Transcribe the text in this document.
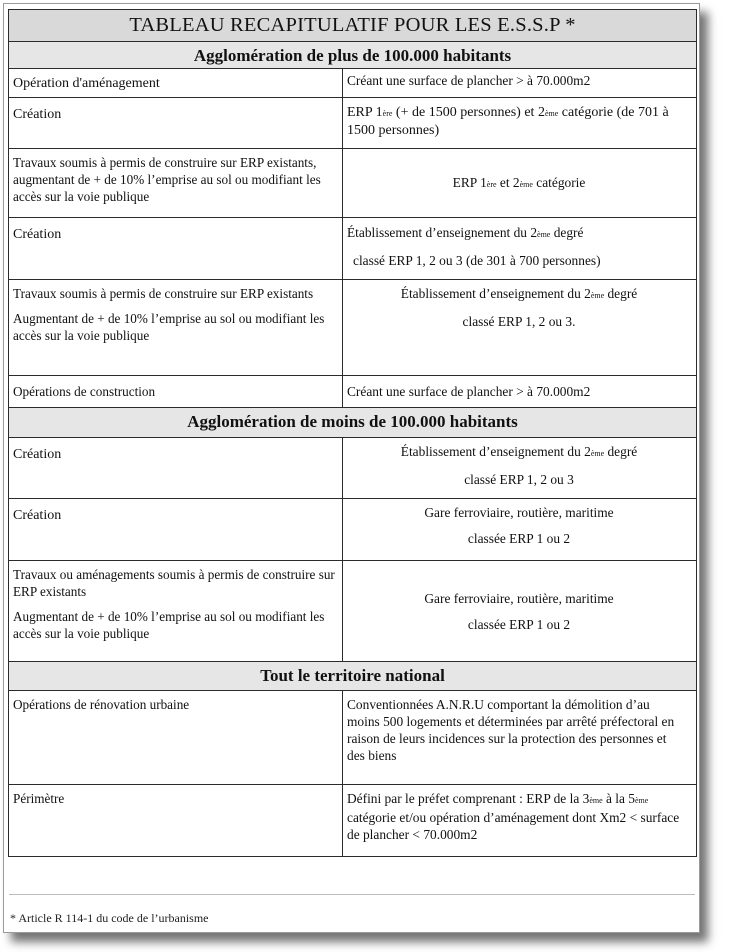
TABLEAU RECAPITULATIF POUR LES E.S.S.P *	
Agglomération de plus de 100.000 habitants	
Opération d'aménagement	Créant une surface de plancher > à 70.000m2
Création	ERP 1ère (+ de 1500 personnes) et 2ème catégorie (de 701 à 1500 personnes)
Travaux soumis à permis de construire sur ERP existants, augmentant de + de 10% l’emprise au sol ou modifiant les accès sur la voie publique	ERP 1ère et 2ème catégorie
Création	Établissement d’enseignement du 2ème degré
classé ERP 1, 2 ou 3 (de 301 à 700 personnes)

Travaux soumis à permis de construire sur ERP existants
Augmentant de + de 10% l’emprise au sol ou modifiant les accès sur la voie publique	Établissement d’enseignement du 2ème degré
classé ERP 1, 2 ou 3.

Opérations de construction	Créant une surface de plancher > à 70.000m2
Agglomération de moins de 100.000 habitants	
Création	Établissement d’enseignement du 2ème degré
classé ERP 1, 2 ou 3

Création	Gare ferroviaire, routière, maritime
classée ERP 1 ou 2

Travaux ou aménagements soumis à permis de construire sur ERP existants
Augmentant de + de 10% l’emprise au sol ou modifiant les accès sur la voie publique	Gare ferroviaire, routière, maritime
classée ERP 1 ou 2

Tout le territoire national	
Opérations de rénovation urbaine	Conventionnées A.N.R.U comportant la démolition d’au moins 500 logements et déterminées par arrêté préfectoral en raison de leurs incidences sur la protection des personnes et des biens
Périmètre	Défini par le préfet comprenant : ERP de la 3ème à la 5ème catégorie et/ou opération d’aménagement dont Xm2 < surface de plancher < 70.000m2
* Article R 114-1 du code de l’urbanisme
